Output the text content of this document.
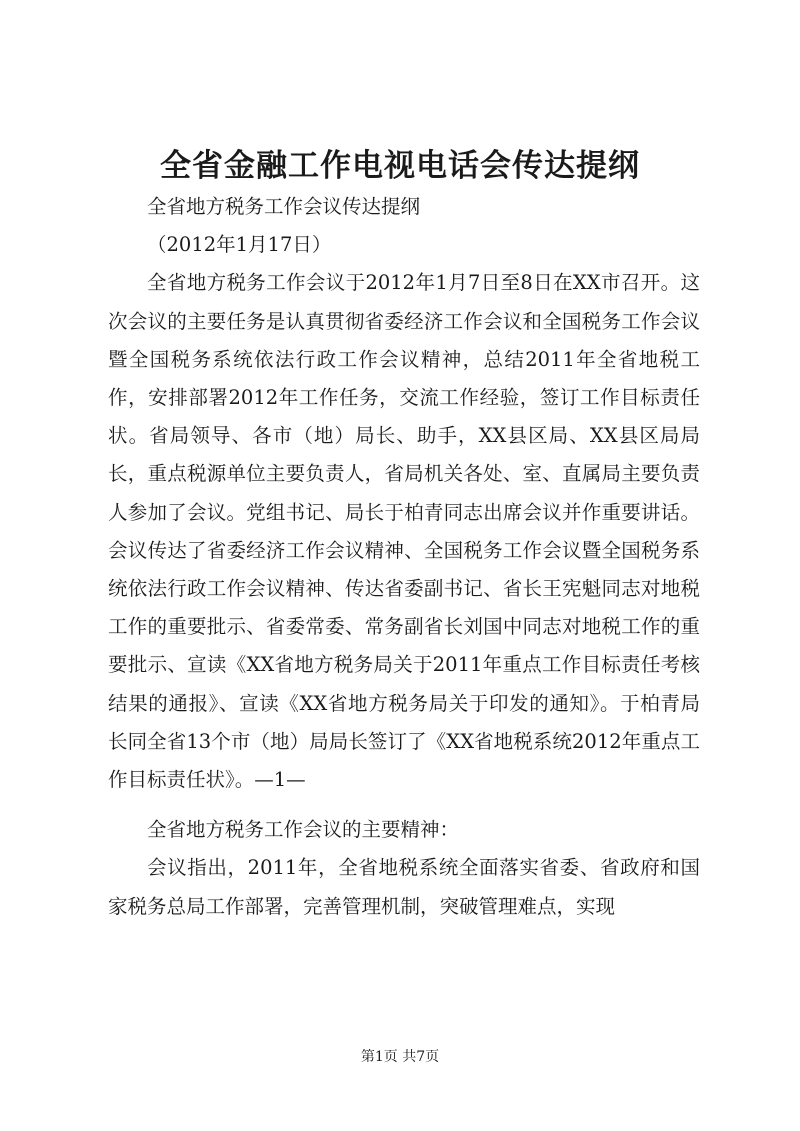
全省金融工作电视电话会传达提纲

全省地方税务工作会议传达提纲

（2012年1月17日）

全省地方税务工作会议于2012年1月7日至8日在XX市召开。这次会议的主要任务是认真贯彻省委经济工作会议和全国税务工作会议暨全国税务系统依法行政工作会议精神，总结2011年全省地税工作，安排部署2012年工作任务，交流工作经验，签订工作目标责任状。省局领导、各市（地）局长、助手，XX县区局、XX县区局局长，重点税源单位主要负责人，省局机关各处、室、直属局主要负责人参加了会议。党组书记、局长于柏青同志出席会议并作重要讲话。会议传达了省委经济工作会议精神、全国税务工作会议暨全国税务系统依法行政工作会议精神、传达省委副书记、省长王宪魁同志对地税工作的重要批示、省委常委、常务副省长刘国中同志对地税工作的重要批示、宣读《XX省地方税务局关于2011年重点工作目标责任考核结果的通报》、宣读《XX省地方税务局关于印发的通知》。于柏青局长同全省13个市（地）局局长签订了《XX省地税系统2012年重点工作目标责任状》。—1—

全省地方税务工作会议的主要精神：

会议指出，2011年，全省地税系统全面落实省委、省政府和国家税务总局工作部署，完善管理机制，突破管理难点，实现

第1页 共7页
